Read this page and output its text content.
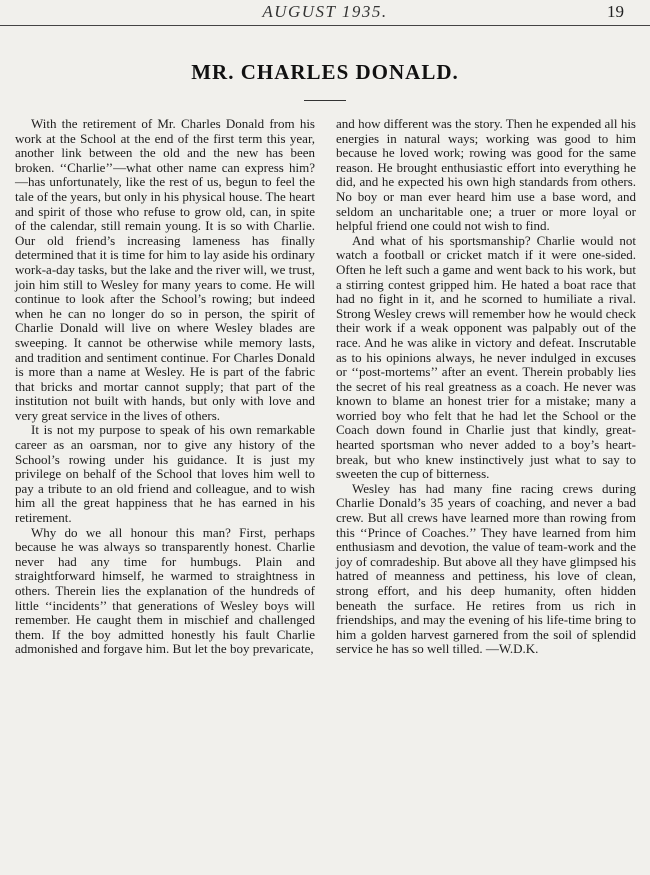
AUGUST 1935.	19
MR. CHARLES DONALD.

With the retirement of Mr. Charles Donald from his work at the School at the end of the first term this year, another link between the old and the new has been broken. ‘‘Charlie’’—what other name can express him?—has unfortunately, like the rest of us, begun to feel the tale of the years, but only in his physical house. The heart and spirit of those who refuse to grow old, can, in spite of the calendar, still remain young. It is so with Charlie. Our old friend’s increasing lameness has finally determined that it is time for him to lay aside his ordinary work-a-day tasks, but the lake and the river will, we trust, join him still to Wesley for many years to come. He will continue to look after the School’s rowing; but indeed when he can no longer do so in person, the spirit of Charlie Donald will live on where Wesley blades are sweeping. It cannot be otherwise while memory lasts, and tradition and sentiment continue. For Charles Donald is more than a name at Wesley. He is part of the fabric that bricks and mortar cannot supply; that part of the institution not built with hands, but only with love and very great service in the lives of others.

It is not my purpose to speak of his own remarkable career as an oarsman, nor to give any history of the School’s rowing under his guidance. It is just my privilege on behalf of the School that loves him well to pay a tribute to an old friend and colleague, and to wish him all the great happiness that he has earned in his retirement.

Why do we all honour this man? First, perhaps because he was always so transparently honest. Charlie never had any time for humbugs. Plain and straightforward himself, he warmed to straightness in others. Therein lies the explanation of the hundreds of little ‘‘incidents’’ that generations of Wesley boys will remember. He caught them in mischief and challenged them. If the boy admitted honestly his fault Charlie admonished and forgave him. But let the boy prevaricate,

and how different was the story. Then he expended all his energies in natural ways; working was good to him because he loved work; rowing was good for the same reason. He brought enthusiastic effort into everything he did, and he expected his own high standards from others. No boy or man ever heard him use a base word, and seldom an uncharitable one; a truer or more loyal or helpful friend one could not wish to find.

And what of his sportsmanship? Charlie would not watch a football or cricket match if it were one-sided. Often he left such a game and went back to his work, but a stirring contest gripped him. He hated a boat race that had no fight in it, and he scorned to humiliate a rival. Strong Wesley crews will remember how he would check their work if a weak opponent was palpably out of the race. And he was alike in victory and defeat. Inscrutable as to his opinions always, he never indulged in excuses or ‘‘post-mortems’’ after an event. Therein probably lies the secret of his real greatness as a coach. He never was known to blame an honest trier for a mistake; many a worried boy who felt that he had let the School or the Coach down found in Charlie just that kindly, great-hearted sportsman who never added to a boy’s heart-break, but who knew instinctively just what to say to sweeten the cup of bitterness.

Wesley has had many fine racing crews during Charlie Donald’s 35 years of coaching, and never a bad crew. But all crews have learned more than rowing from this ‘‘Prince of Coaches.’’ They have learned from him enthusiasm and devotion, the value of team-work and the joy of comradeship. But above all they have glimpsed his hatred of meanness and pettiness, his love of clean, strong effort, and his deep humanity, often hidden beneath the surface. He retires from us rich in friendships, and may the evening of his life-time bring to him a golden harvest garnered from the soil of splendid service he has so well tilled. —W.D.K.
